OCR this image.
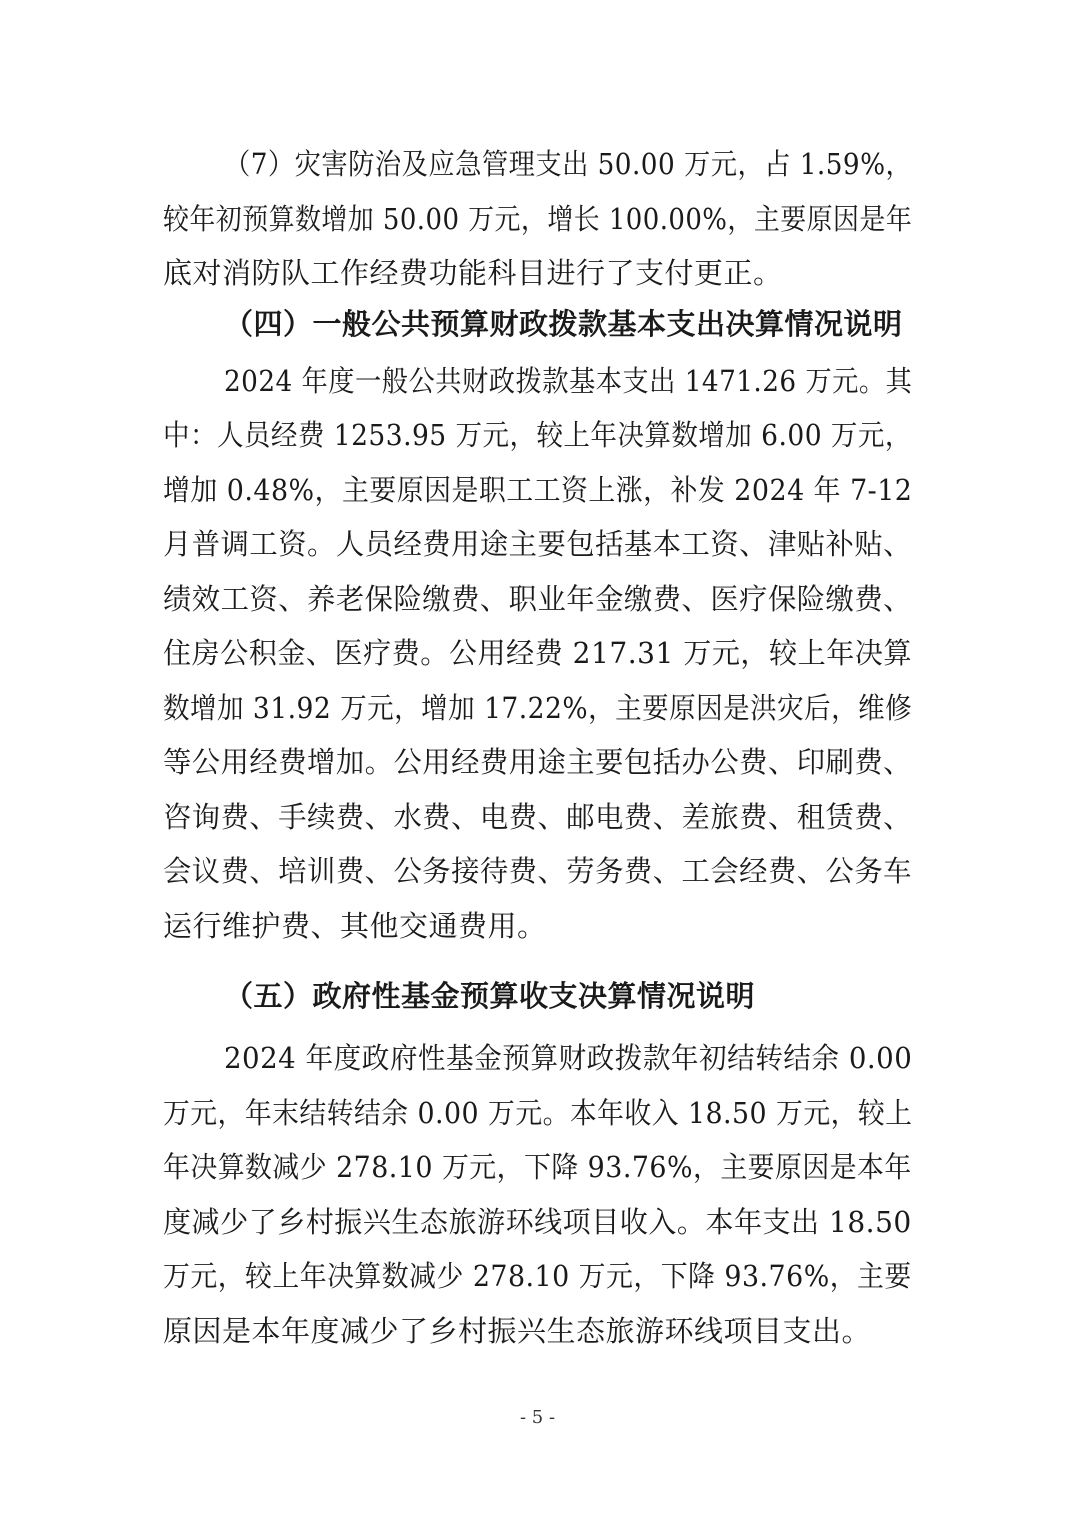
（7）灾害防治及应急管理支出 50.00 万元，占 1.59%，
较年初预算数增加 50.00 万元，增长 100.00%，主要原因是年
底对消防队工作经费功能科目进行了支付更正。
（四）一般公共预算财政拨款基本支出决算情况说明
2024 年度一般公共财政拨款基本支出 1471.26 万元。其
中：人员经费 1253.95 万元，较上年决算数增加 6.00 万元，
增加 0.48%，主要原因是职工工资上涨，补发 2024 年 7-12
月普调工资。人员经费用途主要包括基本工资、津贴补贴、
绩效工资、养老保险缴费、职业年金缴费、医疗保险缴费、
住房公积金、医疗费。公用经费 217.31 万元，较上年决算
数增加 31.92 万元，增加 17.22%，主要原因是洪灾后，维修
等公用经费增加。公用经费用途主要包括办公费、印刷费、
咨询费、手续费、水费、电费、邮电费、差旅费、租赁费、
会议费、培训费、公务接待费、劳务费、工会经费、公务车
运行维护费、其他交通费用。
（五）政府性基金预算收支决算情况说明
2024 年度政府性基金预算财政拨款年初结转结余 0.00
万元，年末结转结余 0.00 万元。本年收入 18.50 万元，较上
年决算数减少 278.10 万元，下降 93.76%，主要原因是本年
度减少了乡村振兴生态旅游环线项目收入。本年支出 18.50
万元，较上年决算数减少 278.10 万元，下降 93.76%，主要
原因是本年度减少了乡村振兴生态旅游环线项目支出。
- 5 -
